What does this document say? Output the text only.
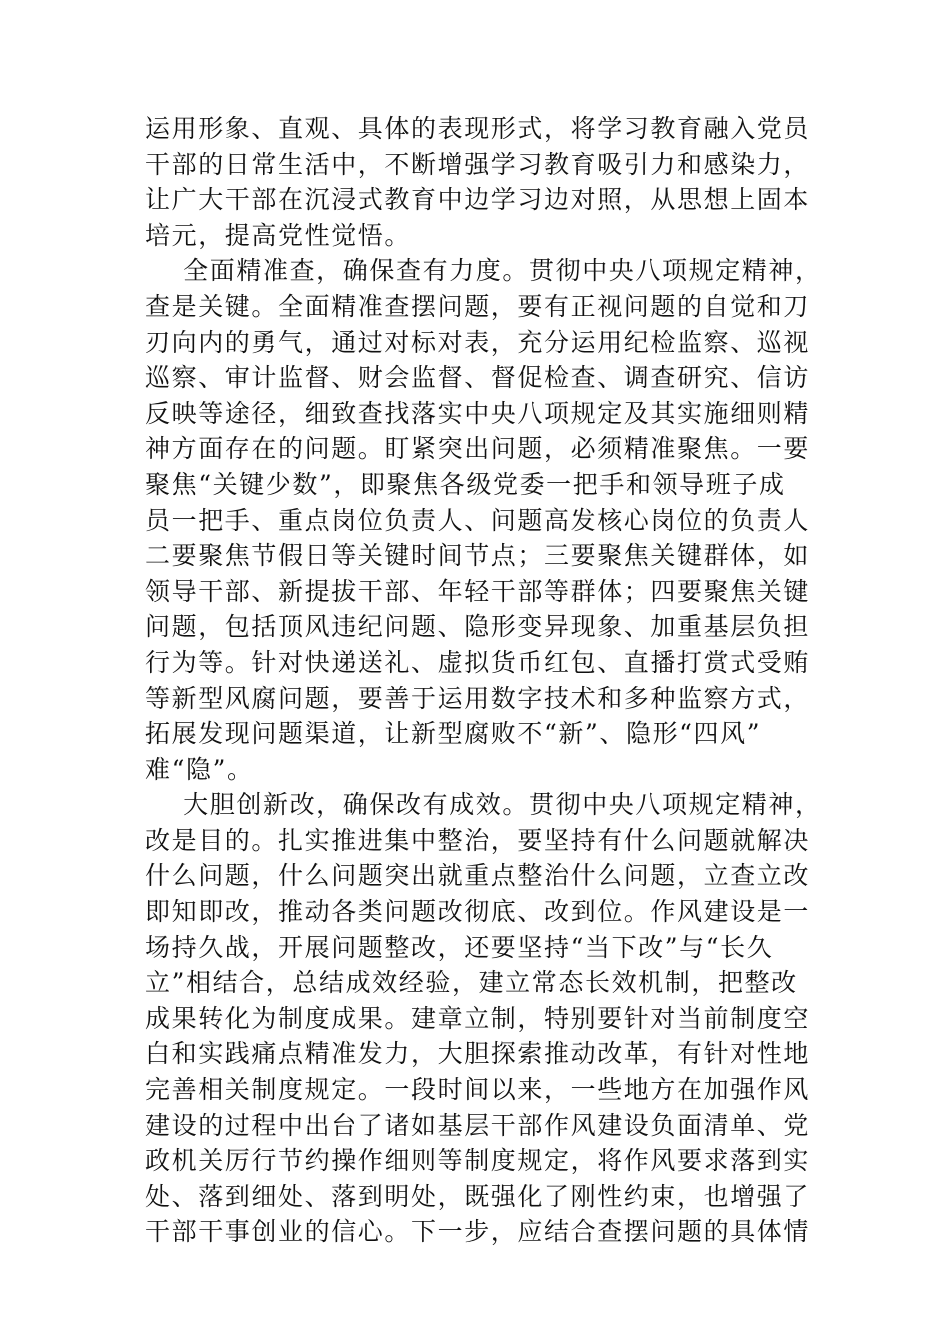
运用形象、直观、具体的表现形式，将学习教育融入党员
干部的日常生活中，不断增强学习教育吸引力和感染力，
让广大干部在沉浸式教育中边学习边对照，从思想上固本
培元，提高党性觉悟。
全面精准查，确保查有力度。贯彻中央八项规定精神，
查是关键。全面精准查摆问题，要有正视问题的自觉和刀
刃向内的勇气，通过对标对表，充分运用纪检监察、巡视
巡察、审计监督、财会监督、督促检查、调查研究、信访
反映等途径，细致查找落实中央八项规定及其实施细则精
神方面存在的问题。盯紧突出问题，必须精准聚焦。一要
聚焦“关键少数”，即聚焦各级党委一把手和领导班子成
员一把手、重点岗位负责人、问题高发核心岗位的负责人
二要聚焦节假日等关键时间节点；三要聚焦关键群体，如
领导干部、新提拔干部、年轻干部等群体；四要聚焦关键
问题，包括顶风违纪问题、隐形变异现象、加重基层负担
行为等。针对快递送礼、虚拟货币红包、直播打赏式受贿
等新型风腐问题，要善于运用数字技术和多种监察方式，
拓展发现问题渠道，让新型腐败不“新”、隐形“四风”
难“隐”。
大胆创新改，确保改有成效。贯彻中央八项规定精神，
改是目的。扎实推进集中整治，要坚持有什么问题就解决
什么问题，什么问题突出就重点整治什么问题，立查立改
即知即改，推动各类问题改彻底、改到位。作风建设是一
场持久战，开展问题整改，还要坚持“当下改”与“长久
立”相结合，总结成效经验，建立常态长效机制，把整改
成果转化为制度成果。建章立制，特别要针对当前制度空
白和实践痛点精准发力，大胆探索推动改革，有针对性地
完善相关制度规定。一段时间以来，一些地方在加强作风
建设的过程中出台了诸如基层干部作风建设负面清单、党
政机关厉行节约操作细则等制度规定，将作风要求落到实
处、落到细处、落到明处，既强化了刚性约束，也增强了
干部干事创业的信心。下一步，应结合查摆问题的具体情
